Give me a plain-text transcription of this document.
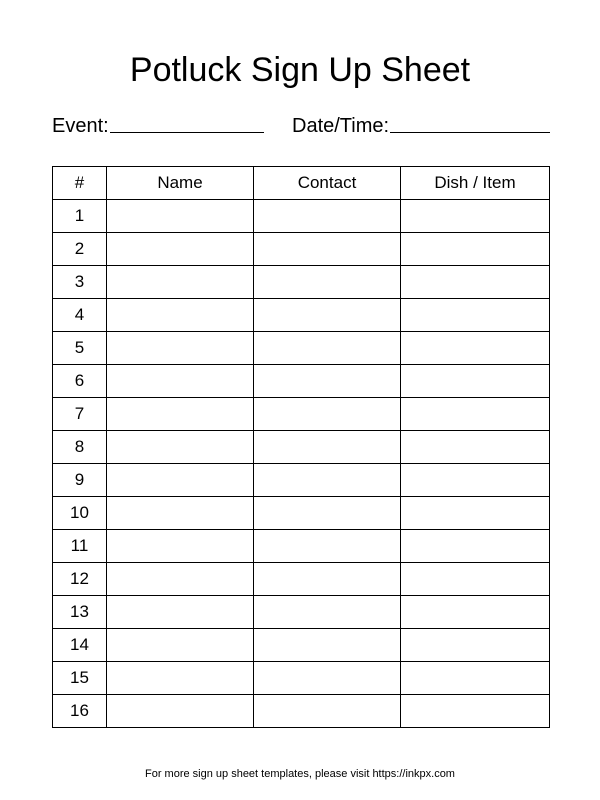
Potluck Sign Up Sheet
Event:	Date/Time:
#	Name	Contact	Dish / Item
1			
2			
3			
4			
5			
6			
7			
8			
9			
10			
11			
12			
13			
14			
15			
16			
For more sign up sheet templates, please visit https://inkpx.com
